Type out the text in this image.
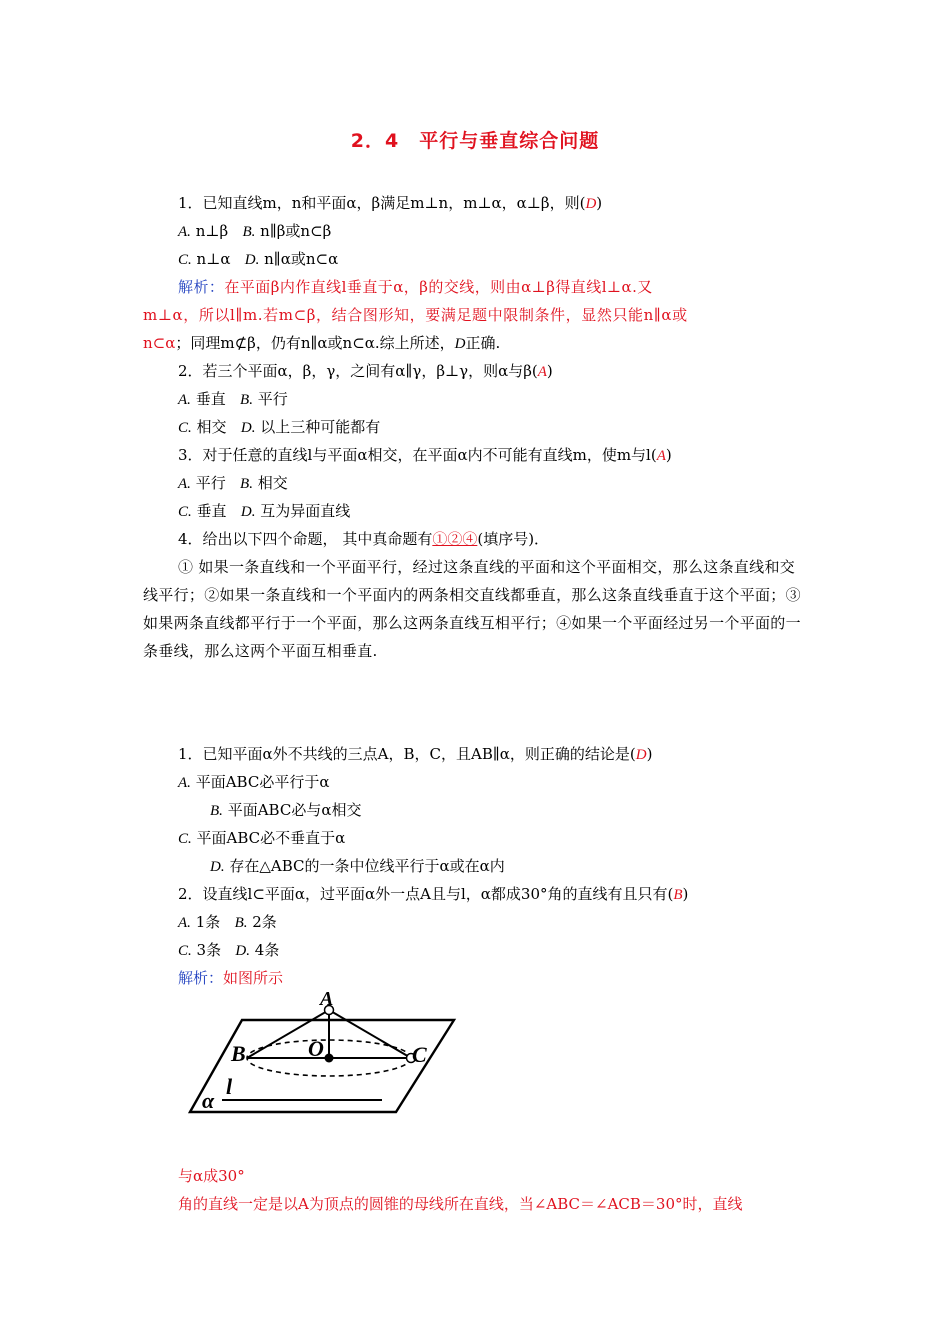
2．4　平行与垂直综合问题
1．已知直线m，n和平面α，β满足m⊥n，m⊥α，α⊥β，则(D)
A. n⊥β B. n∥β或n⊂β
C. n⊥α D. n∥α或n⊂α
解析：在平面β内作直线l垂直于α，β的交线，则由α⊥β得直线l⊥α.又
m⊥α，所以l∥m.若m⊂β，结合图形知，要满足题中限制条件，显然只能n∥α或
n⊂α；同理m⊄β，仍有n∥α或n⊂α.综上所述，D正确.
2．若三个平面α，β，γ，之间有α∥γ，β⊥γ，则α与β(A)
A. 垂直 B. 平行
C. 相交 D. 以上三种可能都有
3．对于任意的直线l与平面α相交，在平面α内不可能有直线m，使m与l(A)
A. 平行 B. 相交
C. 垂直 D. 互为异面直线
4．给出以下四个命题， 其中真命题有①②④(填序号)．
① 如果一条直线和一个平面平行，经过这条直线的平面和这个平面相交，那么这条直线和交线平行；②如果一条直线和一个平面内的两条相交直线都垂直，那么这条直线垂直于这个平面；③如果两条直线都平行于一个平面，那么这两条直线互相平行；④如果一个平面经过另一个平面的一条垂线，那么这两个平面互相垂直.
1．已知平面α外不共线的三点A，B，C，且AB∥α，则正确的结论是(D)
A. 平面ABC必平行于α
B. 平面ABC必与α相交
C. 平面ABC必不垂直于α
D. 存在△ABC的一条中位线平行于α或在α内
2．设直线l⊂平面α，过平面α外一点A且与l，α都成30°角的直线有且只有(B)
A. 1条 B. 2条
C. 3条 D. 4条
解析：如图所示
A
B	O	C
α
l
与α成30°
角的直线一定是以A为顶点的圆锥的母线所在直线，当∠ABC＝∠ACB＝30°时，直线
